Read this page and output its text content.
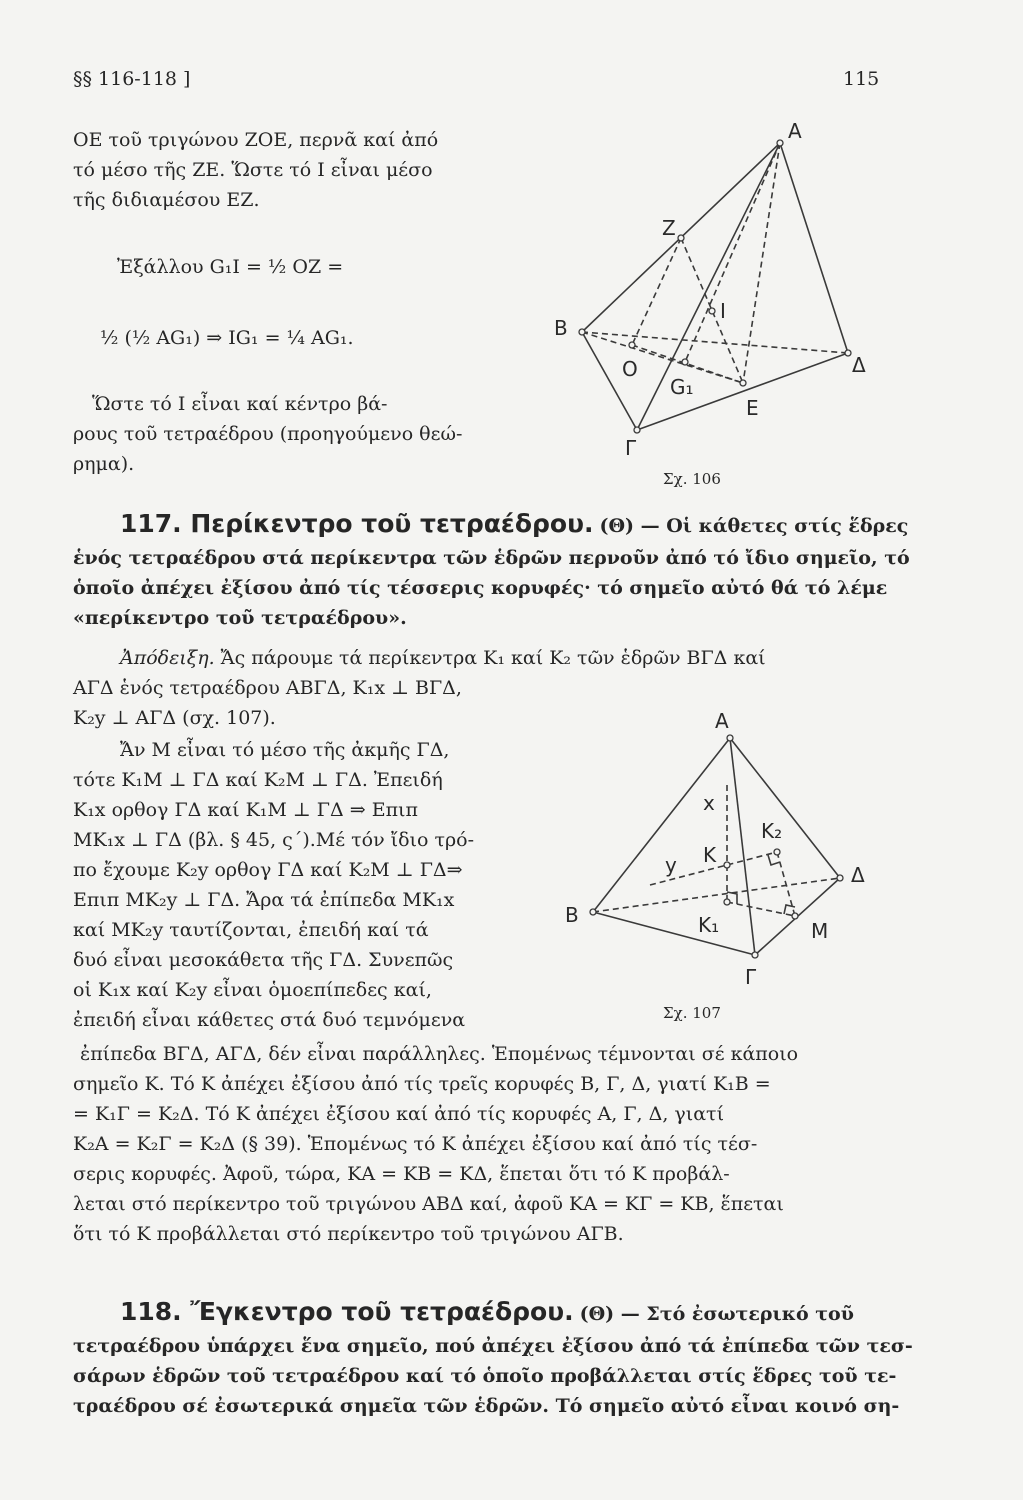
§§ 116-118 ]	115
ΟΕ τοῦ τριγώνου ΖΟΕ, περνᾶ καί ἀπό
τό μέσο τῆς ΖΕ. Ὥστε τό Ι εἶναι μέσο
τῆς διδιαμέσου ΕΖ.
Ἐξάλλου G₁I = ½ OZ =
½ (½ AG₁) ⇒ IG₁ = ¼ AG₁.
Ὥστε τό Ι εἶναι καί κέντρο βά-
ρους τοῦ τετραέδρου (προηγούμενο θεώ-
ρημα).
A
Z
I
B
O
G₁
E
Δ
Γ
Σχ. 106
117. Περίκεντρο τοῦ τετραέδρου. (Θ) — Οἱ κάθετες στίς ἕδρες
ἑνός τετραέδρου στά περίκεντρα τῶν ἑδρῶν περνοῦν ἀπό τό ἴδιο σημεῖο, τό
ὁποῖο ἀπέχει ἐξίσου ἀπό τίς τέσσερις κορυφές· τό σημεῖο αὐτό θά τό λέμε
«περίκεντρο τοῦ τετραέδρου».
Ἀπόδειξη. Ἄς πάρουμε τά περίκεντρα K₁ καί K₂ τῶν ἑδρῶν ΒΓΔ καί
ΑΓΔ ἑνός τετραέδρου ΑΒΓΔ, K₁x ⊥ ΒΓΔ,
K₂y ⊥ ΑΓΔ (σχ. 107).
Ἄν Μ εἶναι τό μέσο τῆς ἀκμῆς ΓΔ,
τότε K₁M ⊥ ΓΔ καί K₂M ⊥ ΓΔ. Ἐπειδή
K₁x ορθογ ΓΔ καί K₁M ⊥ ΓΔ ⇒ Επιπ
MK₁x ⊥ ΓΔ (βλ. § 45, ς΄).Μέ τόν ἴδιο τρό-
πο ἔχουμε K₂y ορθογ ΓΔ καί K₂M ⊥ ΓΔ⇒
Επιπ MK₂y ⊥ ΓΔ. Ἄρα τά ἐπίπεδα MK₁x
καί MK₂y ταυτίζονται, ἐπειδή καί τά
δυό εἶναι μεσοκάθετα τῆς ΓΔ. Συνεπῶς
οἱ K₁x καί K₂y εἶναι ὁμοεπίπεδες καί,
ἐπειδή εἶναι κάθετες στά δυό τεμνόμενα
ἐπίπεδα ΒΓΔ, ΑΓΔ, δέν εἶναι παράλληλες. Ἑπομένως τέμνονται σέ κάποιο
σημεῖο Κ. Τό Κ ἀπέχει ἐξίσου ἀπό τίς τρεῖς κορυφές Β, Γ, Δ, γιατί K₁B =
= K₁Γ = K₂Δ. Τό Κ ἀπέχει ἐξίσου καί ἀπό τίς κορυφές Α, Γ, Δ, γιατί
K₂A = K₂Γ = K₂Δ (§ 39). Ἑπομένως τό Κ ἀπέχει ἐξίσου καί ἀπό τίς τέσ-
σερις κορυφές. Ἀφοῦ, τώρα, ΚΑ = ΚΒ = ΚΔ, ἕπεται ὅτι τό Κ προβάλ-
λεται στό περίκεντρο τοῦ τριγώνου ΑΒΔ καί, ἀφοῦ ΚΑ = ΚΓ = ΚΒ, ἕπεται
ὅτι τό Κ προβάλλεται στό περίκεντρο τοῦ τριγώνου ΑΓΒ.
A
x
K₂
K
Δ
y
B	K₁	M
Γ
Σχ. 107
118. Ἔγκεντρο τοῦ τετραέδρου. (Θ) — Στό ἐσωτερικό τοῦ
τετραέδρου ὑπάρχει ἕνα σημεῖο, πού ἀπέχει ἐξίσου ἀπό τά ἐπίπεδα τῶν τεσ-
σάρων ἑδρῶν τοῦ τετραέδρου καί τό ὁποῖο προβάλλεται στίς ἕδρες τοῦ τε-
τραέδρου σέ ἐσωτερικά σημεῖα τῶν ἑδρῶν. Τό σημεῖο αὐτό εἶναι κοινό ση-
